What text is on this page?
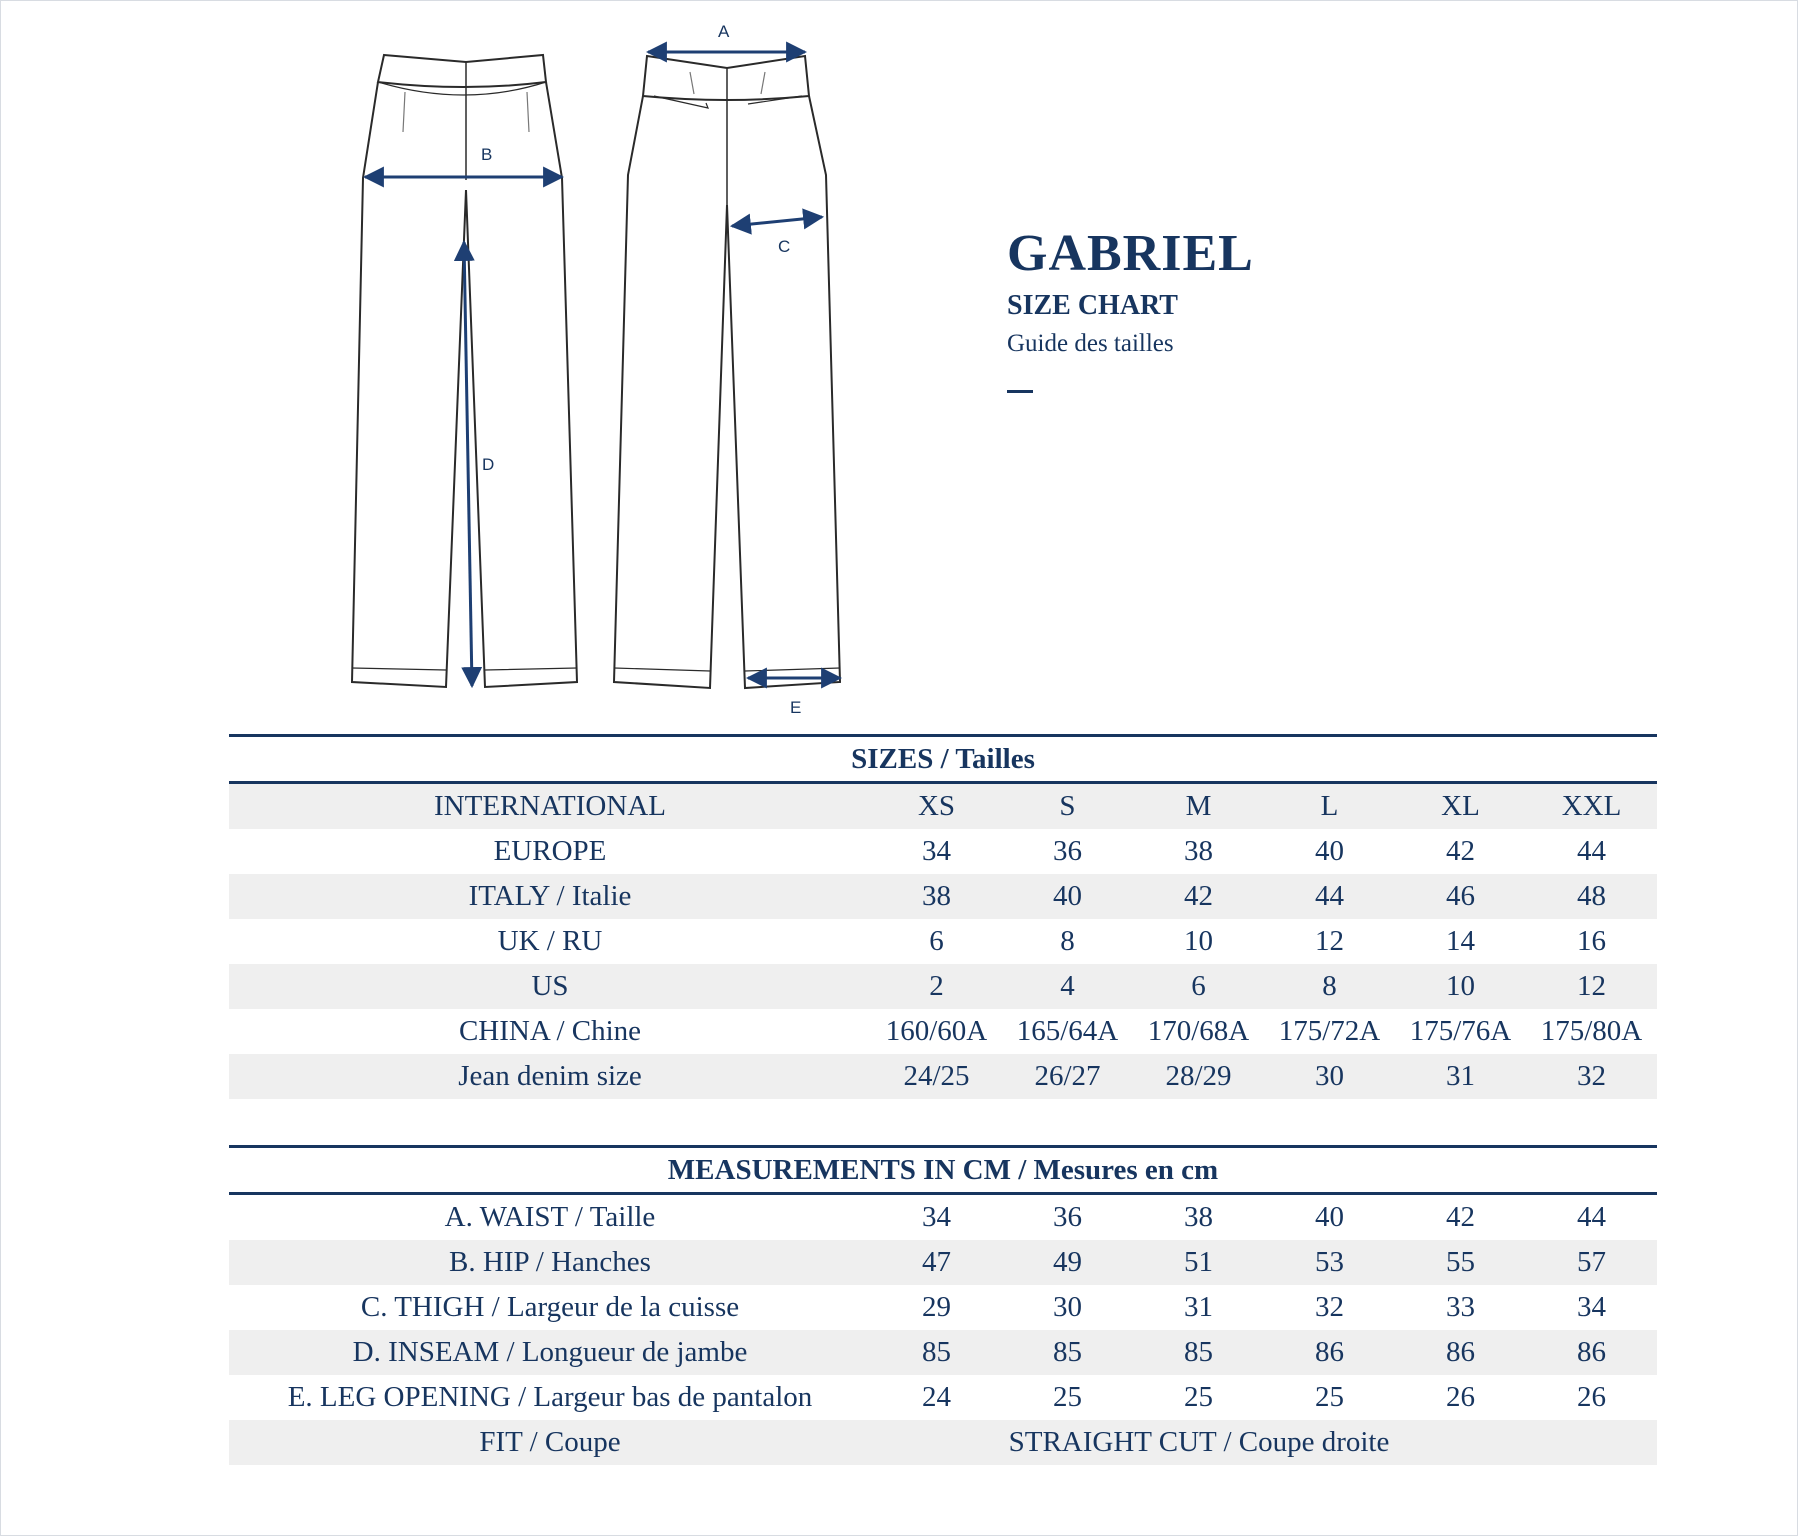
A
B
C
D
E
GABRIEL
SIZE CHART
Guide des tailles
SIZES / Tailles
INTERNATIONAL	XS	S	M	L	XL	XXL
EUROPE	34	36	38	40	42	44
ITALY / Italie	38	40	42	44	46	48
UK / RU	6	8	10	12	14	16
US	2	4	6	8	10	12
CHINA / Chine	160/60A	165/64A	170/68A	175/72A	175/76A	175/80A
Jean denim size	24/25	26/27	28/29	30	31	32
MEASUREMENTS IN CM / Mesures en cm
A. WAIST / Taille	34	36	38	40	42	44
B. HIP / Hanches	47	49	51	53	55	57
C. THIGH / Largeur de la cuisse	29	30	31	32	33	34
D. INSEAM / Longueur de jambe	85	85	85	86	86	86
E. LEG OPENING / Largeur bas de pantalon	24	25	25	25	26	26
FIT / Coupe	STRAIGHT CUT / Coupe droite
